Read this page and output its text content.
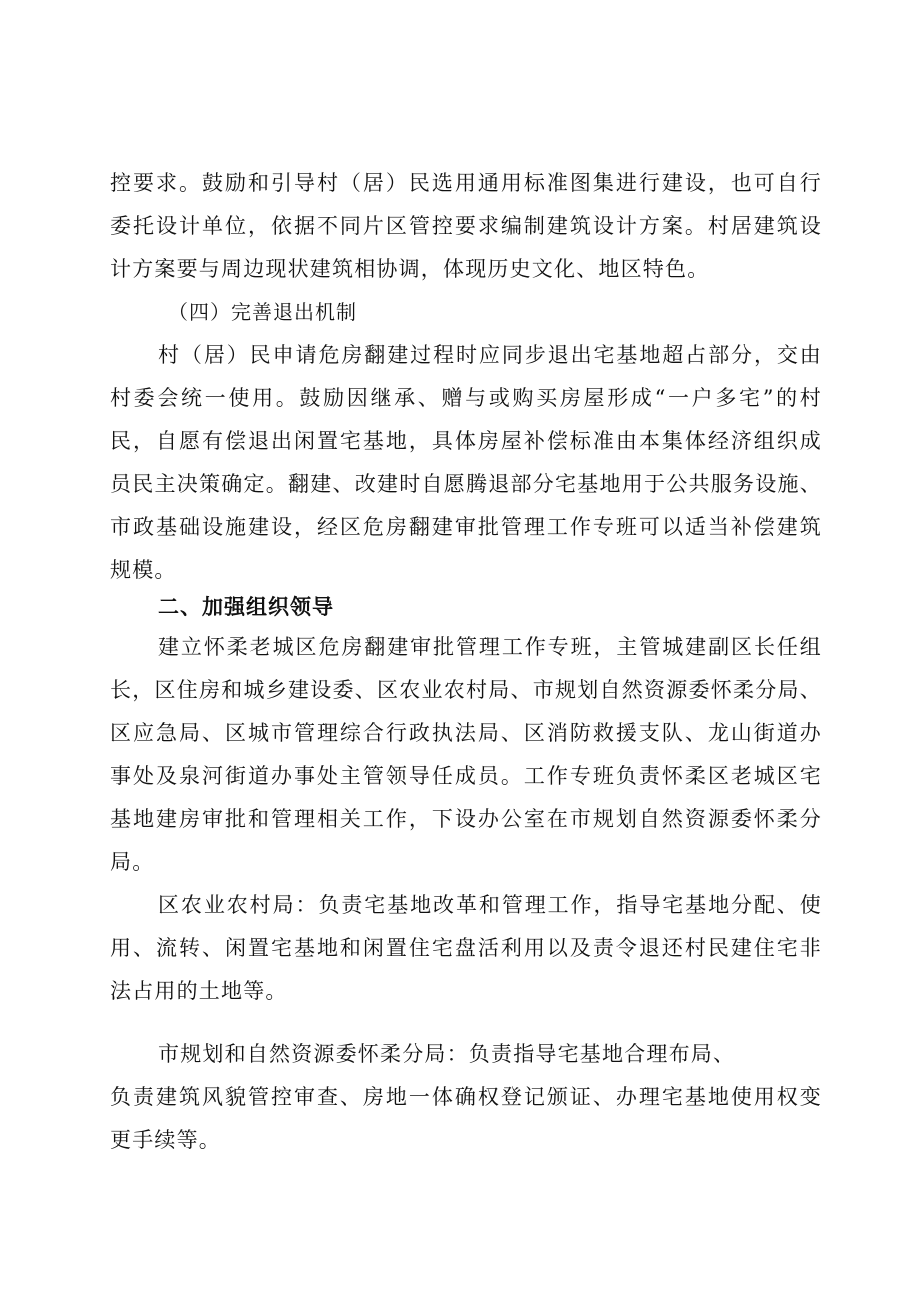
控要求。鼓励和引导村（居）民选用通用标准图集进行建设，也可自行
委托设计单位，依据不同片区管控要求编制建筑设计方案。村居建筑设
计方案要与周边现状建筑相协调，体现历史文化、地区特色。
（四）完善退出机制
村（居）民申请危房翻建过程时应同步退出宅基地超占部分，交由
村委会统一使用。鼓励因继承、赠与或购买房屋形成“一户多宅”的村
民，自愿有偿退出闲置宅基地，具体房屋补偿标准由本集体经济组织成
员民主决策确定。翻建、改建时自愿腾退部分宅基地用于公共服务设施、
市政基础设施建设，经区危房翻建审批管理工作专班可以适当补偿建筑
规模。
二、加强组织领导
建立怀柔老城区危房翻建审批管理工作专班，主管城建副区长任组
长，区住房和城乡建设委、区农业农村局、市规划自然资源委怀柔分局、
区应急局、区城市管理综合行政执法局、区消防救援支队、龙山街道办
事处及泉河街道办事处主管领导任成员。工作专班负责怀柔区老城区宅
基地建房审批和管理相关工作，下设办公室在市规划自然资源委怀柔分
局。
区农业农村局：负责宅基地改革和管理工作，指导宅基地分配、使
用、流转、闲置宅基地和闲置住宅盘活利用以及责令退还村民建住宅非
法占用的土地等。
市规划和自然资源委怀柔分局：负责指导宅基地合理布局、
负责建筑风貌管控审查、房地一体确权登记颁证、办理宅基地使用权变
更手续等。
